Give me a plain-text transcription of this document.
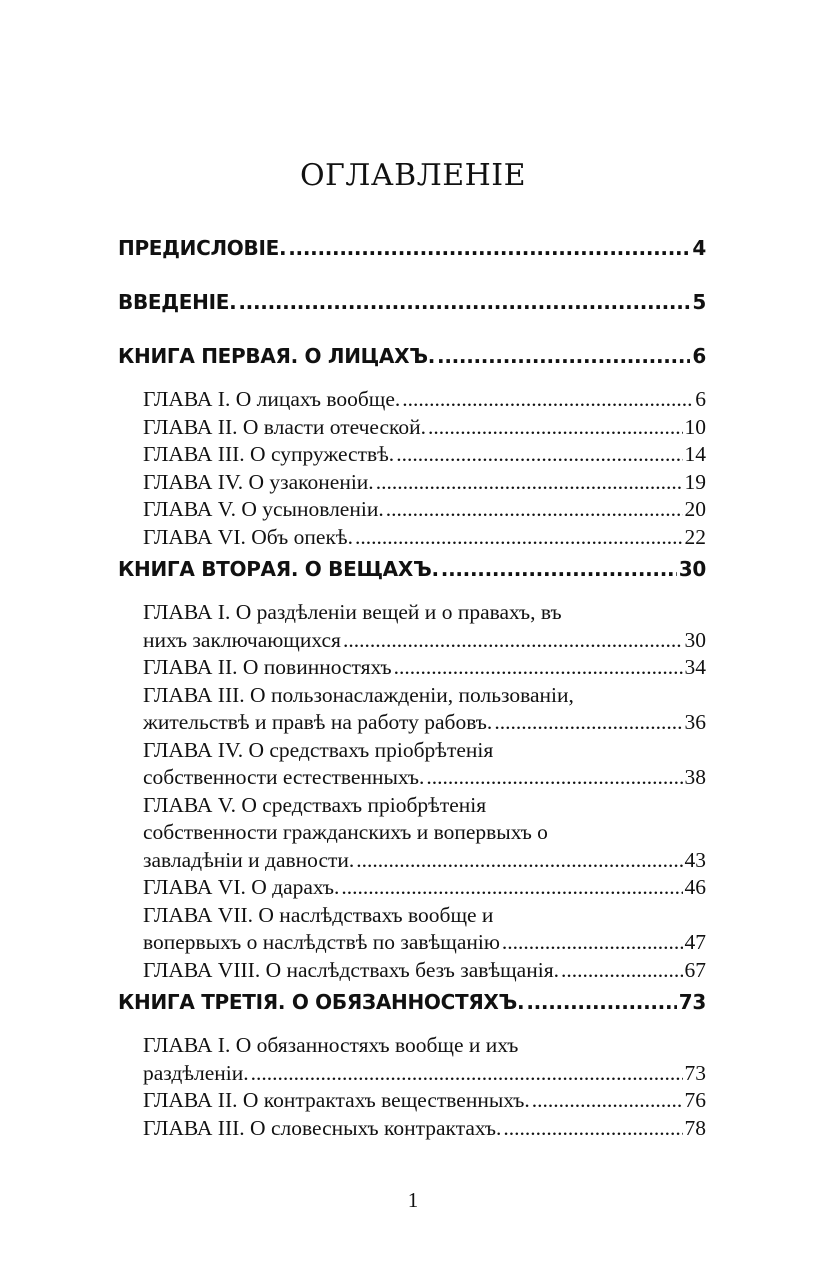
ОГЛАВЛЕНІЕ
ПРЕДИСЛОВІЕ. .....	4
ВВЕДЕНІЕ. .....	5
КНИГА ПЕРВАЯ. О ЛИЦАХЪ. .....	6
ГЛАВА I. О лицахъ вообще. .....	6
ГЛАВА II. О власти отеческой. .....	10
ГЛАВА III. О супружествѣ. .....	14
ГЛАВА IV. О узаконеніи. .....	19
ГЛАВА V. О усыновленіи. .....	20
ГЛАВА VI. Объ опекѣ. .....	22
КНИГА ВТОРАЯ. О ВЕЩАХЪ. .....	30
ГЛАВА I. О раздѣленіи вещей и о правахъ, въ
нихъ заключающихся .....	30
ГЛАВА II. О повинностяхъ .....	34
ГЛАВА III. О пользонаслажденіи, пользованіи,
жительствѣ и правѣ на работу рабовъ. .....	36
ГЛАВА IV. О средствахъ пріобрѣтенія
собственности естественныхъ. .....	38
ГЛАВА V. О средствахъ пріобрѣтенія
собственности гражданскихъ и вопервыхъ о
завладѣніи и давности. .....	43
ГЛАВА VI. О дарахъ. .....	46
ГЛАВА VII. О наслѣдствахъ вообще и
вопервыхъ о наслѣдствѣ по завѣщанію .....	47
ГЛАВА VIII. О наслѣдствахъ безъ завѣщанія. .....	67
КНИГА ТРЕТІЯ. О ОБЯЗАННОСТЯХЪ. .....	73
ГЛАВА I. О обязанностяхъ вообще и ихъ
раздѣленіи. .....	73
ГЛАВА II. О контрактахъ вещественныхъ. .....	76
ГЛАВА III. О словесныхъ контрактахъ. .....	78
1
